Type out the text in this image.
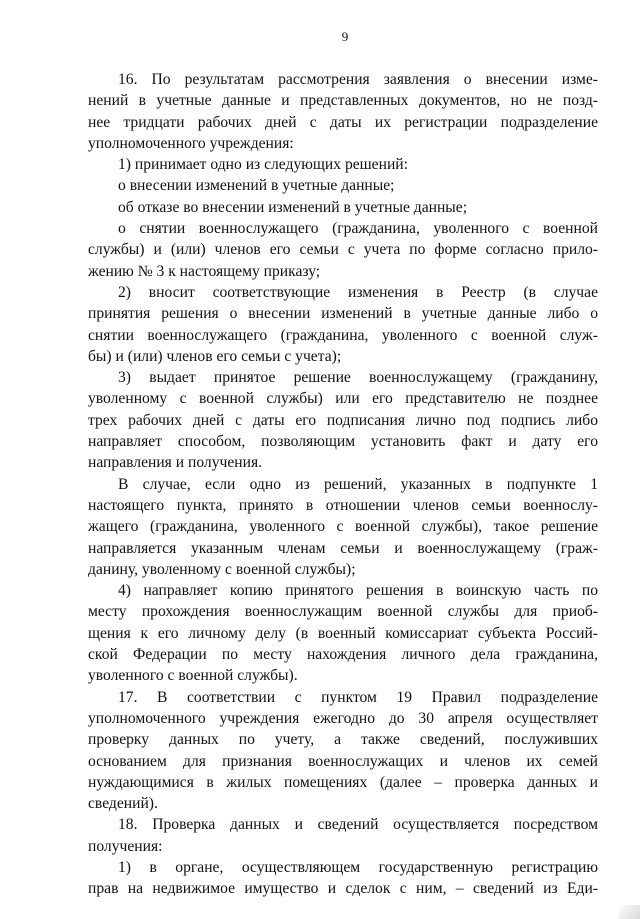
9

16. По результатам рассмотрения заявления о внесении изме-
нений в учетные данные и представленных документов, но не позд-
нее тридцати рабочих дней с даты их регистрации подразделение
уполномоченного учреждения:

1) принимает одно из следующих решений:

о внесении изменений в учетные данные;

об отказе во внесении изменений в учетные данные;

о снятии военнослужащего (гражданина, уволенного с военной
службы) и (или) членов его семьи с учета по форме согласно прило-
жению № 3 к настоящему приказу;

2) вносит соответствующие изменения в Реестр (в случае
принятия решения о внесении изменений в учетные данные либо о
снятии военнослужащего (гражданина, уволенного с военной служ-
бы) и (или) членов его семьи с учета);

3) выдает принятое решение военнослужащему (гражданину,
уволенному с военной службы) или его представителю не позднее
трех рабочих дней с даты его подписания лично под подпись либо
направляет способом, позволяющим установить факт и дату его
направления и получения.

В случае, если одно из решений, указанных в подпункте 1
настоящего пункта, принято в отношении членов семьи военнослу-
жащего (гражданина, уволенного с военной службы), такое решение
направляется указанным членам семьи и военнослужащему (граж-
данину, уволенному с военной службы);

4) направляет копию принятого решения в воинскую часть по
месту прохождения военнослужащим военной службы для приоб-
щения к его личному делу (в военный комиссариат субъекта Россий-
ской Федерации по месту нахождения личного дела гражданина,
уволенного с военной службы).

17. В соответствии с пунктом 19 Правил подразделение
уполномоченного учреждения ежегодно до 30 апреля осуществляет
проверку данных по учету, а также сведений, послуживших
основанием для признания военнослужащих и членов их семей
нуждающимися в жилых помещениях (далее – проверка данных и
сведений).

18. Проверка данных и сведений осуществляется посредством
получения:

1) в органе, осуществляющем государственную регистрацию
прав на недвижимое имущество и сделок с ним, – сведений из Еди-
